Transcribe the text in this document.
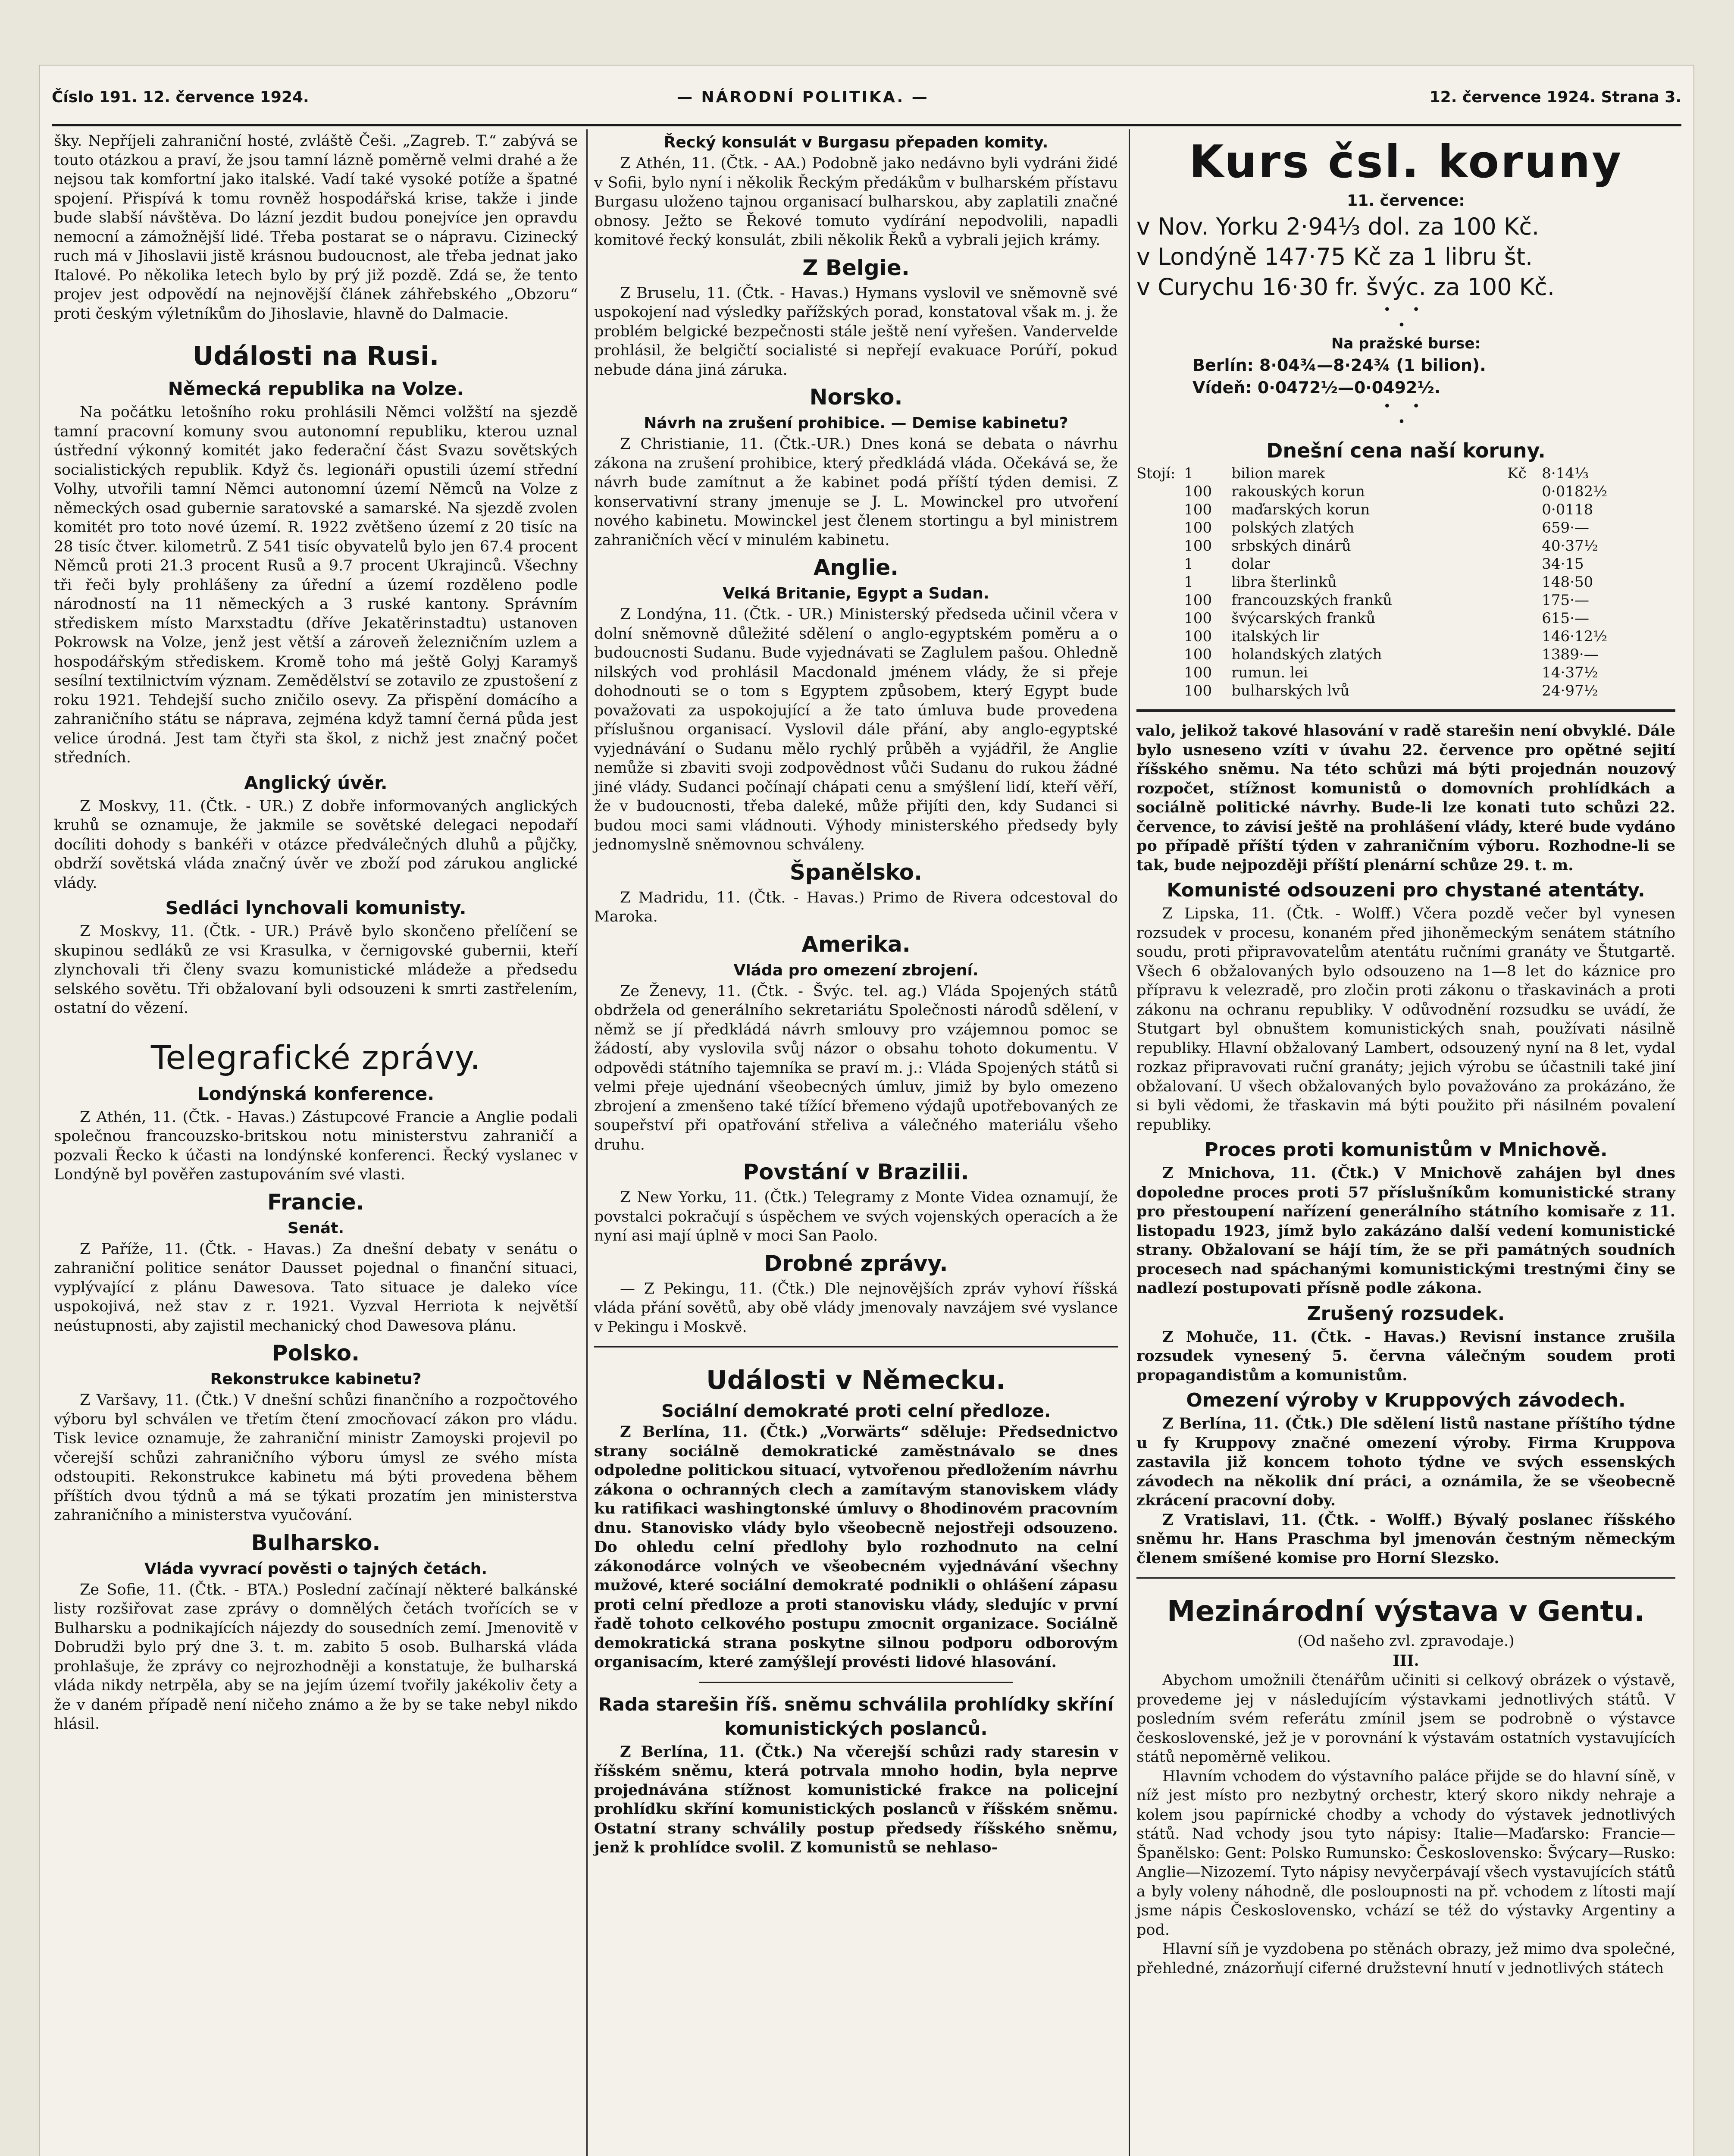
Číslo 191. 12. července 1924.	— NÁRODNÍ POLITIKA. —	12. července 1924. Strana 3.

šky. Nepříjeli zahraniční hosté, zvláště Češi. „Zagreb. T.“ zabývá se touto otázkou a praví, že jsou tamní lázně poměrně velmi drahé a že nejsou tak komfortní jako italské. Vadí také vysoké potíže a špatné spojení. Přispívá k tomu rovněž hospodářská krise, takže i jinde bude slabší návštěva. Do lázní jezdit budou ponejvíce jen opravdu nemocní a zámožnější lidé. Třeba postarat se o nápravu. Cizinecký ruch má v Jihoslavii jistě krásnou budoucnost, ale třeba jednat jako Italové. Po několika letech bylo by prý již pozdě. Zdá se, že tento projev jest odpovědí na nejnovější článek záhřebského „Obzoru“ proti českým výletníkům do Jihoslavie, hlavně do Dalmacie.

Události na Rusi.
Německá republika na Volze.

Na počátku letošního roku prohlásili Němci volžští na sjezdě tamní pracovní komuny svou autonomní republiku, kterou uznal ústřední výkonný komitét jako federační část Svazu sovětských socialistických republik. Když čs. legionáři opustili území střední Volhy, utvořili tamní Němci autonomní území Němců na Volze z německých osad gubernie saratovské a samarské. Na sjezdě zvolen komitét pro toto nové území. R. 1922 zvětšeno území z 20 tisíc na 28 tisíc čtver. kilometrů. Z 541 tisíc obyvatelů bylo jen 67.4 procent Němců proti 21.3 procent Rusů a 9.7 procent Ukrajinců. Všechny tři řeči byly prohlášeny za úřední a území rozděleno podle národností na 11 německých a 3 ruské kantony. Správním střediskem místo Marxstadtu (dříve Jekatěrinstadtu) ustanoven Pokrowsk na Volze, jenž jest větší a zároveň železničním uzlem a hospodářským střediskem. Kromě toho má ještě Golyj Karamyš sesílní textilnictvím význam. Zemědělství se zotavilo ze zpustošení z roku 1921. Tehdejší sucho zničilo osevy. Za přispění domácího a zahraničního státu se náprava, zejména když tamní černá půda jest velice úrodná. Jest tam čtyři sta škol, z nichž jest značný počet středních.

Anglický úvěr.

Z Moskvy, 11. (Čtk. - UR.) Z dobře informovaných anglických kruhů se oznamuje, že jakmile se sovětské delegaci nepodaří docíliti dohody s bankéři v otázce předválečných dluhů a půjčky, obdrží sovětská vláda značný úvěr ve zboží pod zárukou anglické vlády.

Sedláci lynchovali komunisty.

Z Moskvy, 11. (Čtk. - UR.) Právě bylo skončeno přelíčení se skupinou sedláků ze vsi Krasulka, v černigovské gubernii, kteří zlynchovali tři členy svazu komunistické mládeže a předsedu selského sovětu. Tři obžalovaní byli odsouzeni k smrti zastřelením, ostatní do vězení.

Telegrafické zprávy.
Londýnská konference.

Z Athén, 11. (Čtk. - Havas.) Zástupcové Francie a Anglie podali společnou francouzsko-britskou notu ministerstvu zahraničí a pozvali Řecko k účasti na londýnské konferenci. Řecký vyslanec v Londýně byl pověřen zastupováním své vlasti.

Francie.
Senát.

Z Paříže, 11. (Čtk. - Havas.) Za dnešní debaty v senátu o zahraniční politice senátor Dausset pojednal o finanční situaci, vyplývající z plánu Dawesova. Tato situace je daleko více uspokojivá, než stav z r. 1921. Vyzval Herriota k největší neústupnosti, aby zajistil mechanický chod Dawesova plánu.

Polsko.
Rekonstrukce kabinetu?

Z Varšavy, 11. (Čtk.) V dnešní schůzi finančního a rozpočtového výboru byl schválen ve třetím čtení zmocňovací zákon pro vládu. Tisk levice oznamuje, že zahraniční ministr Zamoyski projevil po včerejší schůzi zahraničního výboru úmysl ze svého místa odstoupiti. Rekonstrukce kabinetu má býti provedena během příštích dvou týdnů a má se týkati prozatím jen ministerstva zahraničního a ministerstva vyučování.

Bulharsko.
Vláda vyvrací pověsti o tajných četách.

Ze Sofie, 11. (Čtk. - BTA.) Poslední začínají některé balkánské listy rozšiřovat zase zprávy o domnělých četách tvořících se v Bulharsku a podnikajících nájezdy do sousedních zemí. Jmenovitě v Dobrudži bylo prý dne 3. t. m. zabito 5 osob. Bulharská vláda prohlašuje, že zprávy co nejrozhodněji a konstatuje, že bulharská vláda nikdy netrpěla, aby se na jejím území tvořily jakékoliv čety a že v daném případě není ničeho známo a že by se take nebyl nikdo hlásil.

Řecký konsulát v Burgasu přepaden komity.

Z Athén, 11. (Čtk. - AA.) Podobně jako nedávno byli vydráni židé v Sofii, bylo nyní i několik Řeckým předákům v bulharském přístavu Burgasu uloženo tajnou organisací bulharskou, aby zaplatili značné obnosy. Ježto se Řekové tomuto vydírání nepodvolili, napadli komitové řecký konsulát, zbili několik Řeků a vybrali jejich krámy.

Z Belgie.

Z Bruselu, 11. (Čtk. - Havas.) Hymans vyslovil ve sněmovně své uspokojení nad výsledky pařížských porad, konstatoval však m. j. že problém belgické bezpečnosti stále ještě není vyřešen. Vandervelde prohlásil, že belgičtí socialisté si nepřejí evakuace Porúří, pokud nebude dána jiná záruka.

Norsko.
Návrh na zrušení prohibice. — Demise kabinetu?

Z Christianie, 11. (Čtk.-UR.) Dnes koná se debata o návrhu zákona na zrušení prohibice, který předkládá vláda. Očekává se, že návrh bude zamítnut a že kabinet podá příští týden demisi. Z konservativní strany jmenuje se J. L. Mowinckel pro utvoření nového kabinetu. Mowinckel jest členem stortingu a byl ministrem zahraničních věcí v minulém kabinetu.

Anglie.
Velká Britanie, Egypt a Sudan.

Z Londýna, 11. (Čtk. - UR.) Ministerský předseda učinil včera v dolní sněmovně důležité sdělení o anglo-egyptském poměru a o budoucnosti Sudanu. Bude vyjednávati se Zaglulem pašou. Ohledně nilských vod prohlásil Macdonald jménem vlády, že si přeje dohodnouti se o tom s Egyptem způsobem, který Egypt bude považovati za uspokojující a že tato úmluva bude provedena příslušnou organisací. Vyslovil dále přání, aby anglo-egyptské vyjednávání o Sudanu mělo rychlý průběh a vyjádřil, že Anglie nemůže si zbaviti svoji zodpovědnost vůči Sudanu do rukou žádné jiné vlády. Sudanci počínají chápati cenu a smýšlení lidí, kteří věří, že v budoucnosti, třeba daleké, může přijíti den, kdy Sudanci si budou moci sami vládnouti. Výhody ministerského předsedy byly jednomyslně sněmovnou schváleny.

Španělsko.

Z Madridu, 11. (Čtk. - Havas.) Primo de Rivera odcestoval do Maroka.

Amerika.
Vláda pro omezení zbrojení.

Ze Ženevy, 11. (Čtk. - Švýc. tel. ag.) Vláda Spojených států obdržela od generálního sekretariátu Společnosti národů sdělení, v němž se jí předkládá návrh smlouvy pro vzájemnou pomoc se žádostí, aby vyslovila svůj názor o obsahu tohoto dokumentu. V odpovědi státního tajemníka se praví m. j.: Vláda Spojených států si velmi přeje ujednání všeobecných úmluv, jimiž by bylo omezeno zbrojení a zmenšeno také tížící břemeno výdajů upotřebovaných ze soupeřství při opatřování střeliva a válečného materiálu všeho druhu.

Povstání v Brazilii.

Z New Yorku, 11. (Čtk.) Telegramy z Monte Videa oznamují, že povstalci pokračují s úspěchem ve svých vojenských operacích a že nyní asi mají úplně v moci San Paolo.

Drobné zprávy.

— Z Pekingu, 11. (Čtk.) Dle nejnovějších zpráv vyhoví říšská vláda přání sovětů, aby obě vlády jmenovaly navzájem své vyslance v Pekingu i Moskvě.

Události v Německu.
Sociální demokraté proti celní předloze.

Z Berlína, 11. (Čtk.) „Vorwärts“ sděluje: Předsednictvo strany sociálně demokratické zaměstnávalo se dnes odpoledne politickou situací, vytvořenou předložením návrhu zákona o ochranných clech a zamítavým stanoviskem vlády ku ratifikaci washingtonské úmluvy o 8hodinovém pracovním dnu. Stanovisko vlády bylo všeobecně nejostřeji odsouzeno. Do ohledu celní předlohy bylo rozhodnuto na celní zákonodárce volných ve všeobecném vyjednávání všechny mužové, které sociální demokraté podnikli o ohlášení zápasu proti celní předloze a proti stanovisku vlády, sledujíc v první řadě tohoto celkového postupu zmocnit organizace. Sociálně demokratická strana poskytne silnou podporu odborovým organisacím, které zamýšlejí provésti lidové hlasování.

Rada starešin říš. sněmu schválila prohlídky skříní komunistických poslanců.

Z Berlína, 11. (Čtk.) Na včerejší schůzi rady staresin v říšském sněmu, která potrvala mnoho hodin, byla neprve projednávána stížnost komunistické frakce na policejní prohlídku skříní komunistických poslanců v říšském sněmu. Ostatní strany schválily postup předsedy říšského sněmu, jenž k prohlídce svolil. Z komunistů se nehlaso-

Kurs čsl. koruny
11. července:
v Nov. Yorku 2·94⅓ dol. za 100 Kč.
v Londýně 147·75 Kč za 1 libru št.
v Curychu 16·30 fr. švýc. za 100 Kč.
• •
•
Na pražské burse:
Berlín: 8·04¾—8·24¾ (1 bilion).
Vídeň: 0·0472½—0·0492½.
• •
•
Dnešní cena naší koruny.
Stojí:	1	bilion marek	Kč	8·14⅓
	100	rakouských korun		0·0182½
	100	maďarských korun		0·0118
	100	polských zlatých		659·—
	100	srbských dinárů		40·37½
	1	dolar		34·15
	1	libra šterlinků		148·50
	100	francouzských franků		175·—
	100	švýcarských franků		615·—
	100	italských lir		146·12½
	100	holandských zlatých		1389·—
	100	rumun. lei		14·37½
	100	bulharských lvů		24·97½

valo, jelikož takové hlasování v radě starešin není obvyklé. Dále bylo usneseno vzíti v úvahu 22. července pro opětné sejití říšského sněmu. Na této schůzi má býti projednán nouzový rozpočet, stížnost komunistů o domovních prohlídkách a sociálně politické návrhy. Bude-li lze konati tuto schůzi 22. července, to závisí ještě na prohlášení vlády, které bude vydáno po případě příští týden v zahraničním výboru. Rozhodne-li se tak, bude nejpozději příští plenární schůze 29. t. m.

Komunisté odsouzeni pro chystané atentáty.

Z Lipska, 11. (Čtk. - Wolff.) Včera pozdě večer byl vynesen rozsudek v procesu, konaném před jihoněmeckým senátem státního soudu, proti připravovatelům atentátu ručními granáty ve Štutgartě. Všech 6 obžalovaných bylo odsouzeno na 1—8 let do káznice pro přípravu k velezradě, pro zločin proti zákonu o třaskavinách a proti zákonu na ochranu republiky. V odůvodnění rozsudku se uvádí, že Stutgart byl obnuštem komunistických snah, používati násilně republiky. Hlavní obžalovaný Lambert, odsouzený nyní na 8 let, vydal rozkaz připravovati ruční granáty; jejich výrobu se účastnili také jiní obžalovaní. U všech obžalovaných bylo považováno za prokázáno, že si byli vědomi, že třaskavin má býti použito při násilném povalení republiky.

Proces proti komunistům v Mnichově.

Z Mnichova, 11. (Čtk.) V Mnichově zahájen byl dnes dopoledne proces proti 57 příslušníkům komunistické strany pro přestoupení nařízení generálního státního komisaře z 11. listopadu 1923, jímž bylo zakázáno další vedení komunistické strany. Obžalovaní se hájí tím, že se při památných soudních procesech nad spáchanými komunistickými trestnými činy se nadlezí postupovati přísně podle zákona.

Zrušený rozsudek.

Z Mohuče, 11. (Čtk. - Havas.) Revisní instance zrušila rozsudek vynesený 5. června válečným soudem proti propagandistům a komunistům.

Omezení výroby v Kruppových závodech.

Z Berlína, 11. (Čtk.) Dle sdělení listů nastane příštího týdne u fy Kruppovy značné omezení výroby. Firma Kruppova zastavila již koncem tohoto týdne ve svých essenských závodech na několik dní práci, a oznámila, že se všeobecně zkrácení pracovní doby.

Z Vratislavi, 11. (Čtk. - Wolff.) Bývalý poslanec říšského sněmu hr. Hans Praschma byl jmenován čestným německým členem smíšené komise pro Horní Slezsko.

Mezinárodní výstava v Gentu.
(Od našeho zvl. zpravodaje.)
III.

Abychom umožnili čtenářům učiniti si celkový obrázek o výstavě, provedeme jej v následujícím výstavkami jednotlivých států. V posledním svém referátu zmínil jsem se podrobně o výstavce československé, jež je v porovnání k výstavám ostatních vystavujících států nepoměrně velikou.

Hlavním vchodem do výstavního paláce přijde se do hlavní síně, v níž jest místo pro nezbytný orchestr, který skoro nikdy nehraje a kolem jsou papírnické chodby a vchody do výstavek jednotlivých států. Nad vchody jsou tyto nápisy: Italie—Maďarsko: Francie—Španělsko: Gent: Polsko Rumunsko: Československo: Švýcary—Rusko: Anglie—Nizozemí. Tyto nápisy nevyčerpávají všech vystavujících států a byly voleny náhodně, dle posloupnosti na př. vchodem z lítosti mají jsme nápis Československo, vchází se též do výstavky Argentiny a pod.

Hlavní síň je vyzdobena po stěnách obrazy, jež mimo dva společné, přehledné, znázorňují ciferné družstevní hnutí v jednotlivých státech
